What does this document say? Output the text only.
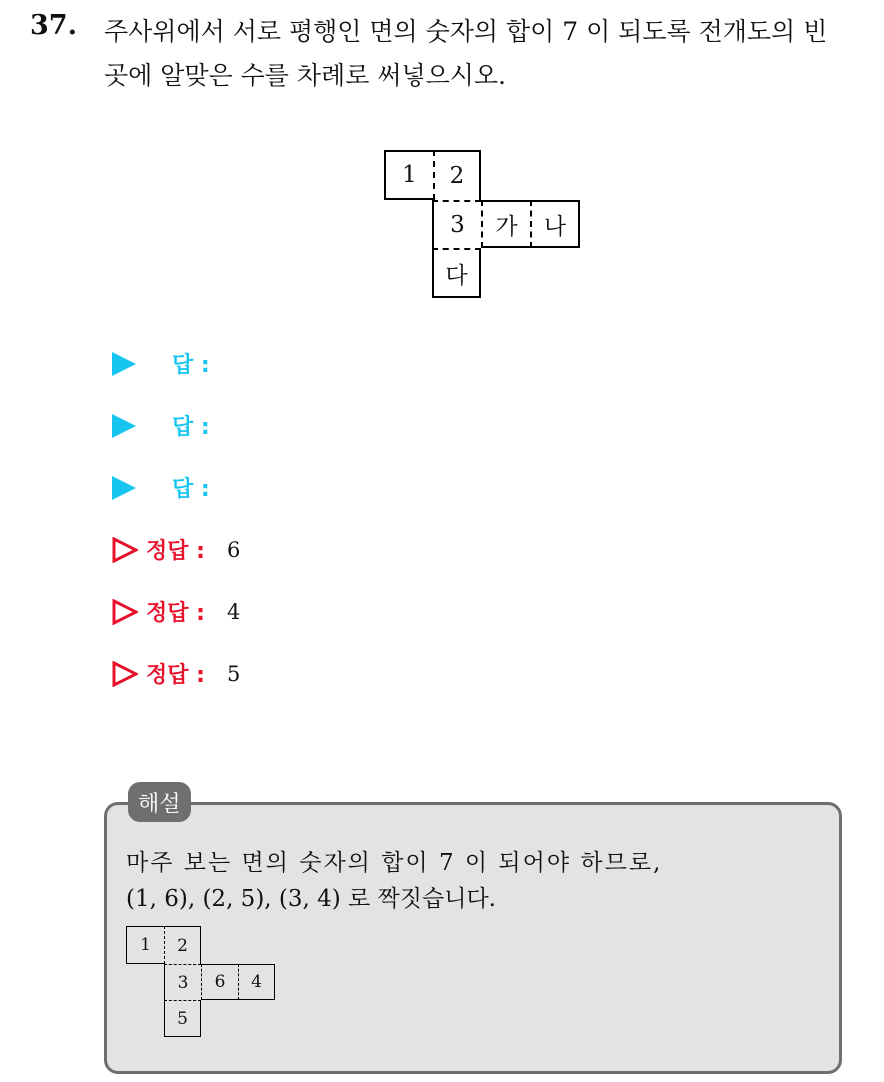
37. 주사위에서 서로 평행인 면의 숫자의 합이 7 이 되도록 전개도의 빈
곳에 알맞은 수를 차례로 써넣으시오.
1	2
3	가	나
다
답 :
답 :
답 :
정답 : 6
정답 : 4
정답 : 5
해설
마주 보는 면의 숫자의 합이 7 이 되어야 하므로,
(1, 6), (2, 5), (3, 4) 로 짝짓습니다.
1	2
3	6	4
5
